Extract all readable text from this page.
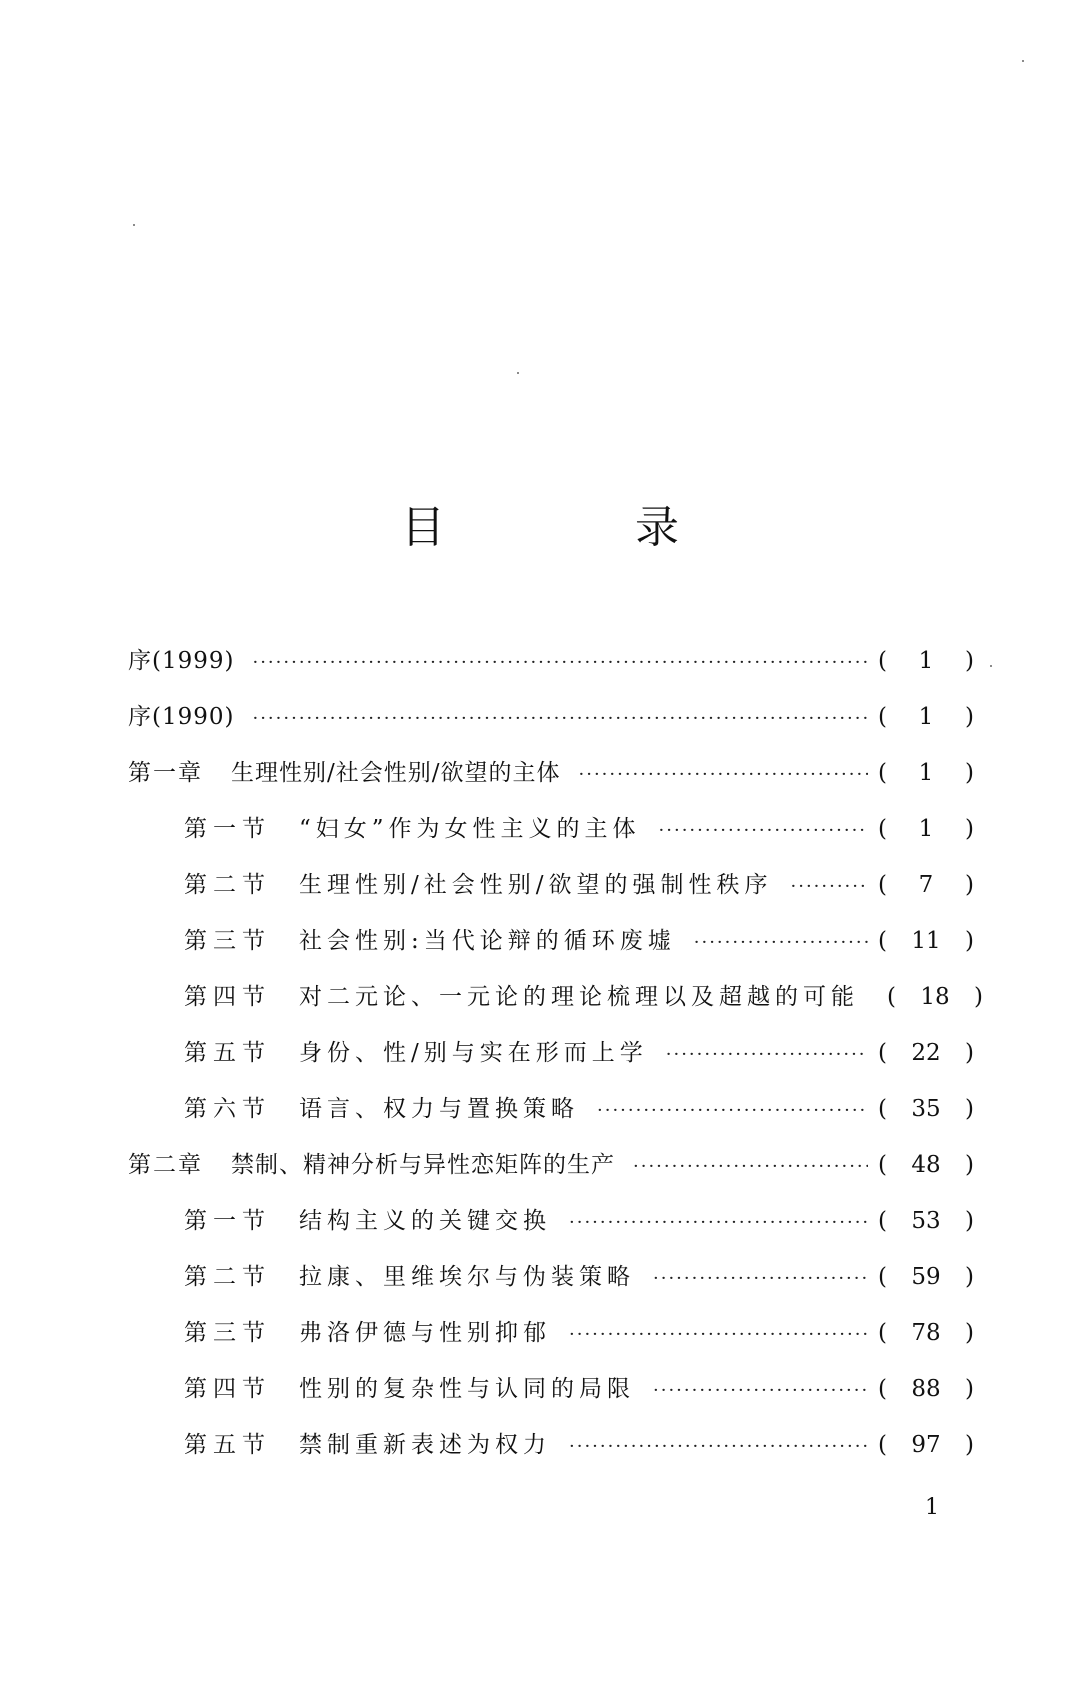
目 录
序(1999) ·····	(	1	)
序(1990) ·····	(	1	)
第一章 生理性别/社会性别/欲望的主体 ·····	(	1	)
第一节 “妇女”作为女性主义的主体 ·····	(	1	)
第二节 生理性别/社会性别/欲望的强制性秩序 ·····	(	7	)
第三节 社会性别:当代论辩的循环废墟 ·····	(	11	)
第四节 对二元论、一元论的理论梳理以及超越的可能 (	18	)
第五节 身份、性/别与实在形而上学 ·····	(	22	)
第六节 语言、权力与置换策略 ·····	(	35	)
第二章 禁制、精神分析与异性恋矩阵的生产 ·····	(	48	)
第一节 结构主义的关键交换 ·····	(	53	)
第二节 拉康、里维埃尔与伪装策略 ·····	(	59	)
第三节 弗洛伊德与性别抑郁 ·····	(	78	)
第四节 性别的复杂性与认同的局限 ·····	(	88	)
第五节 禁制重新表述为权力 ·····	(	97	)
1
